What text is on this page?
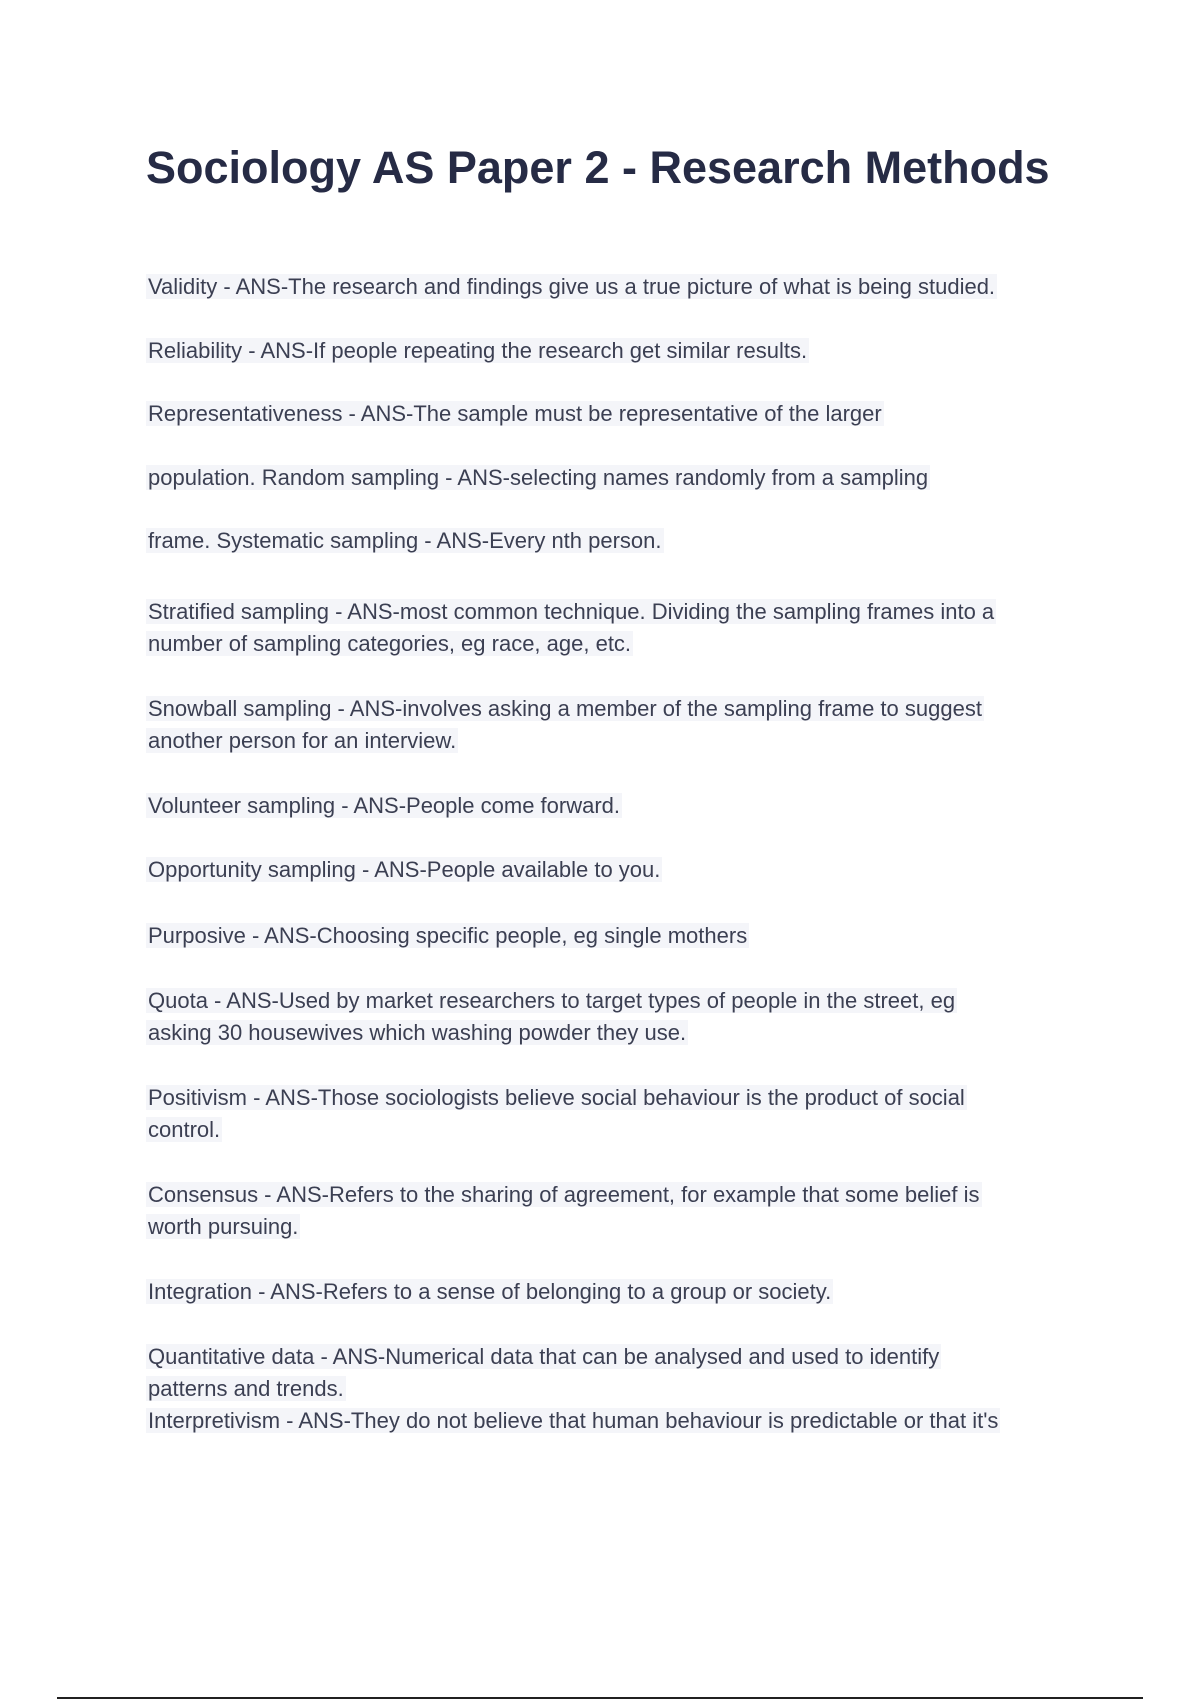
Sociology AS Paper 2 - Research Methods
Validity - ANS-The research and findings give us a true picture of what is being studied.
Reliability - ANS-If people repeating the research get similar results.
Representativeness - ANS-The sample must be representative of the larger
population. Random sampling - ANS-selecting names randomly from a sampling
frame. Systematic sampling - ANS-Every nth person.
Stratified sampling - ANS-most common technique. Dividing the sampling frames into a
number of sampling categories, eg race, age, etc.
Snowball sampling - ANS-involves asking a member of the sampling frame to suggest
another person for an interview.
Volunteer sampling - ANS-People come forward.
Opportunity sampling - ANS-People available to you.
Purposive - ANS-Choosing specific people, eg single mothers
Quota - ANS-Used by market researchers to target types of people in the street, eg
asking 30 housewives which washing powder they use.
Positivism - ANS-Those sociologists believe social behaviour is the product of social
control.
Consensus - ANS-Refers to the sharing of agreement, for example that some belief is
worth pursuing.
Integration - ANS-Refers to a sense of belonging to a group or society.
Quantitative data - ANS-Numerical data that can be analysed and used to identify
patterns and trends.
Interpretivism - ANS-They do not believe that human behaviour is predictable or that it's
